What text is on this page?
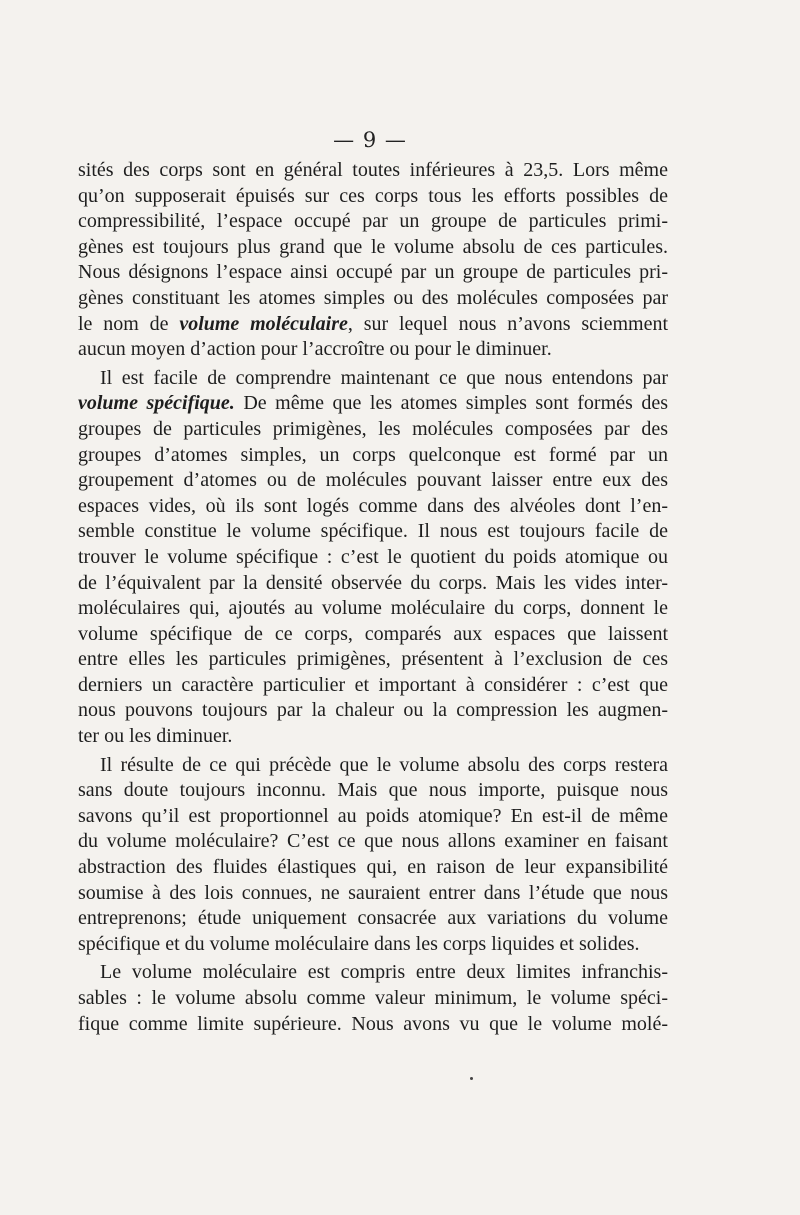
— 9 —
sités des corps sont en général toutes inférieures à 23,5. Lors même
qu’on supposerait épuisés sur ces corps tous les efforts possibles de
compressibilité, l’espace occupé par un groupe de particules primi-
gènes est toujours plus grand que le volume absolu de ces particules.
Nous désignons l’espace ainsi occupé par un groupe de particules pri-
gènes constituant les atomes simples ou des molécules composées par
le nom de volume moléculaire, sur lequel nous n’avons sciemment
aucun moyen d’action pour l’accroître ou pour le diminuer.
Il est facile de comprendre maintenant ce que nous entendons par
volume spécifique. De même que les atomes simples sont formés des
groupes de particules primigènes, les molécules composées par des
groupes d’atomes simples, un corps quelconque est formé par un
groupement d’atomes ou de molécules pouvant laisser entre eux des
espaces vides, où ils sont logés comme dans des alvéoles dont l’en-
semble constitue le volume spécifique. Il nous est toujours facile de
trouver le volume spécifique : c’est le quotient du poids atomique ou
de l’équivalent par la densité observée du corps. Mais les vides inter-
moléculaires qui, ajoutés au volume moléculaire du corps, donnent le
volume spécifique de ce corps, comparés aux espaces que laissent
entre elles les particules primigènes, présentent à l’exclusion de ces
derniers un caractère particulier et important à considérer : c’est que
nous pouvons toujours par la chaleur ou la compression les augmen-
ter ou les diminuer.
Il résulte de ce qui précède que le volume absolu des corps restera
sans doute toujours inconnu. Mais que nous importe, puisque nous
savons qu’il est proportionnel au poids atomique? En est-il de même
du volume moléculaire? C’est ce que nous allons examiner en faisant
abstraction des fluides élastiques qui, en raison de leur expansibilité
soumise à des lois connues, ne sauraient entrer dans l’étude que nous
entreprenons; étude uniquement consacrée aux variations du volume
spécifique et du volume moléculaire dans les corps liquides et solides.
Le volume moléculaire est compris entre deux limites infranchis-
sables : le volume absolu comme valeur minimum, le volume spéci-
fique comme limite supérieure. Nous avons vu que le volume molé-
